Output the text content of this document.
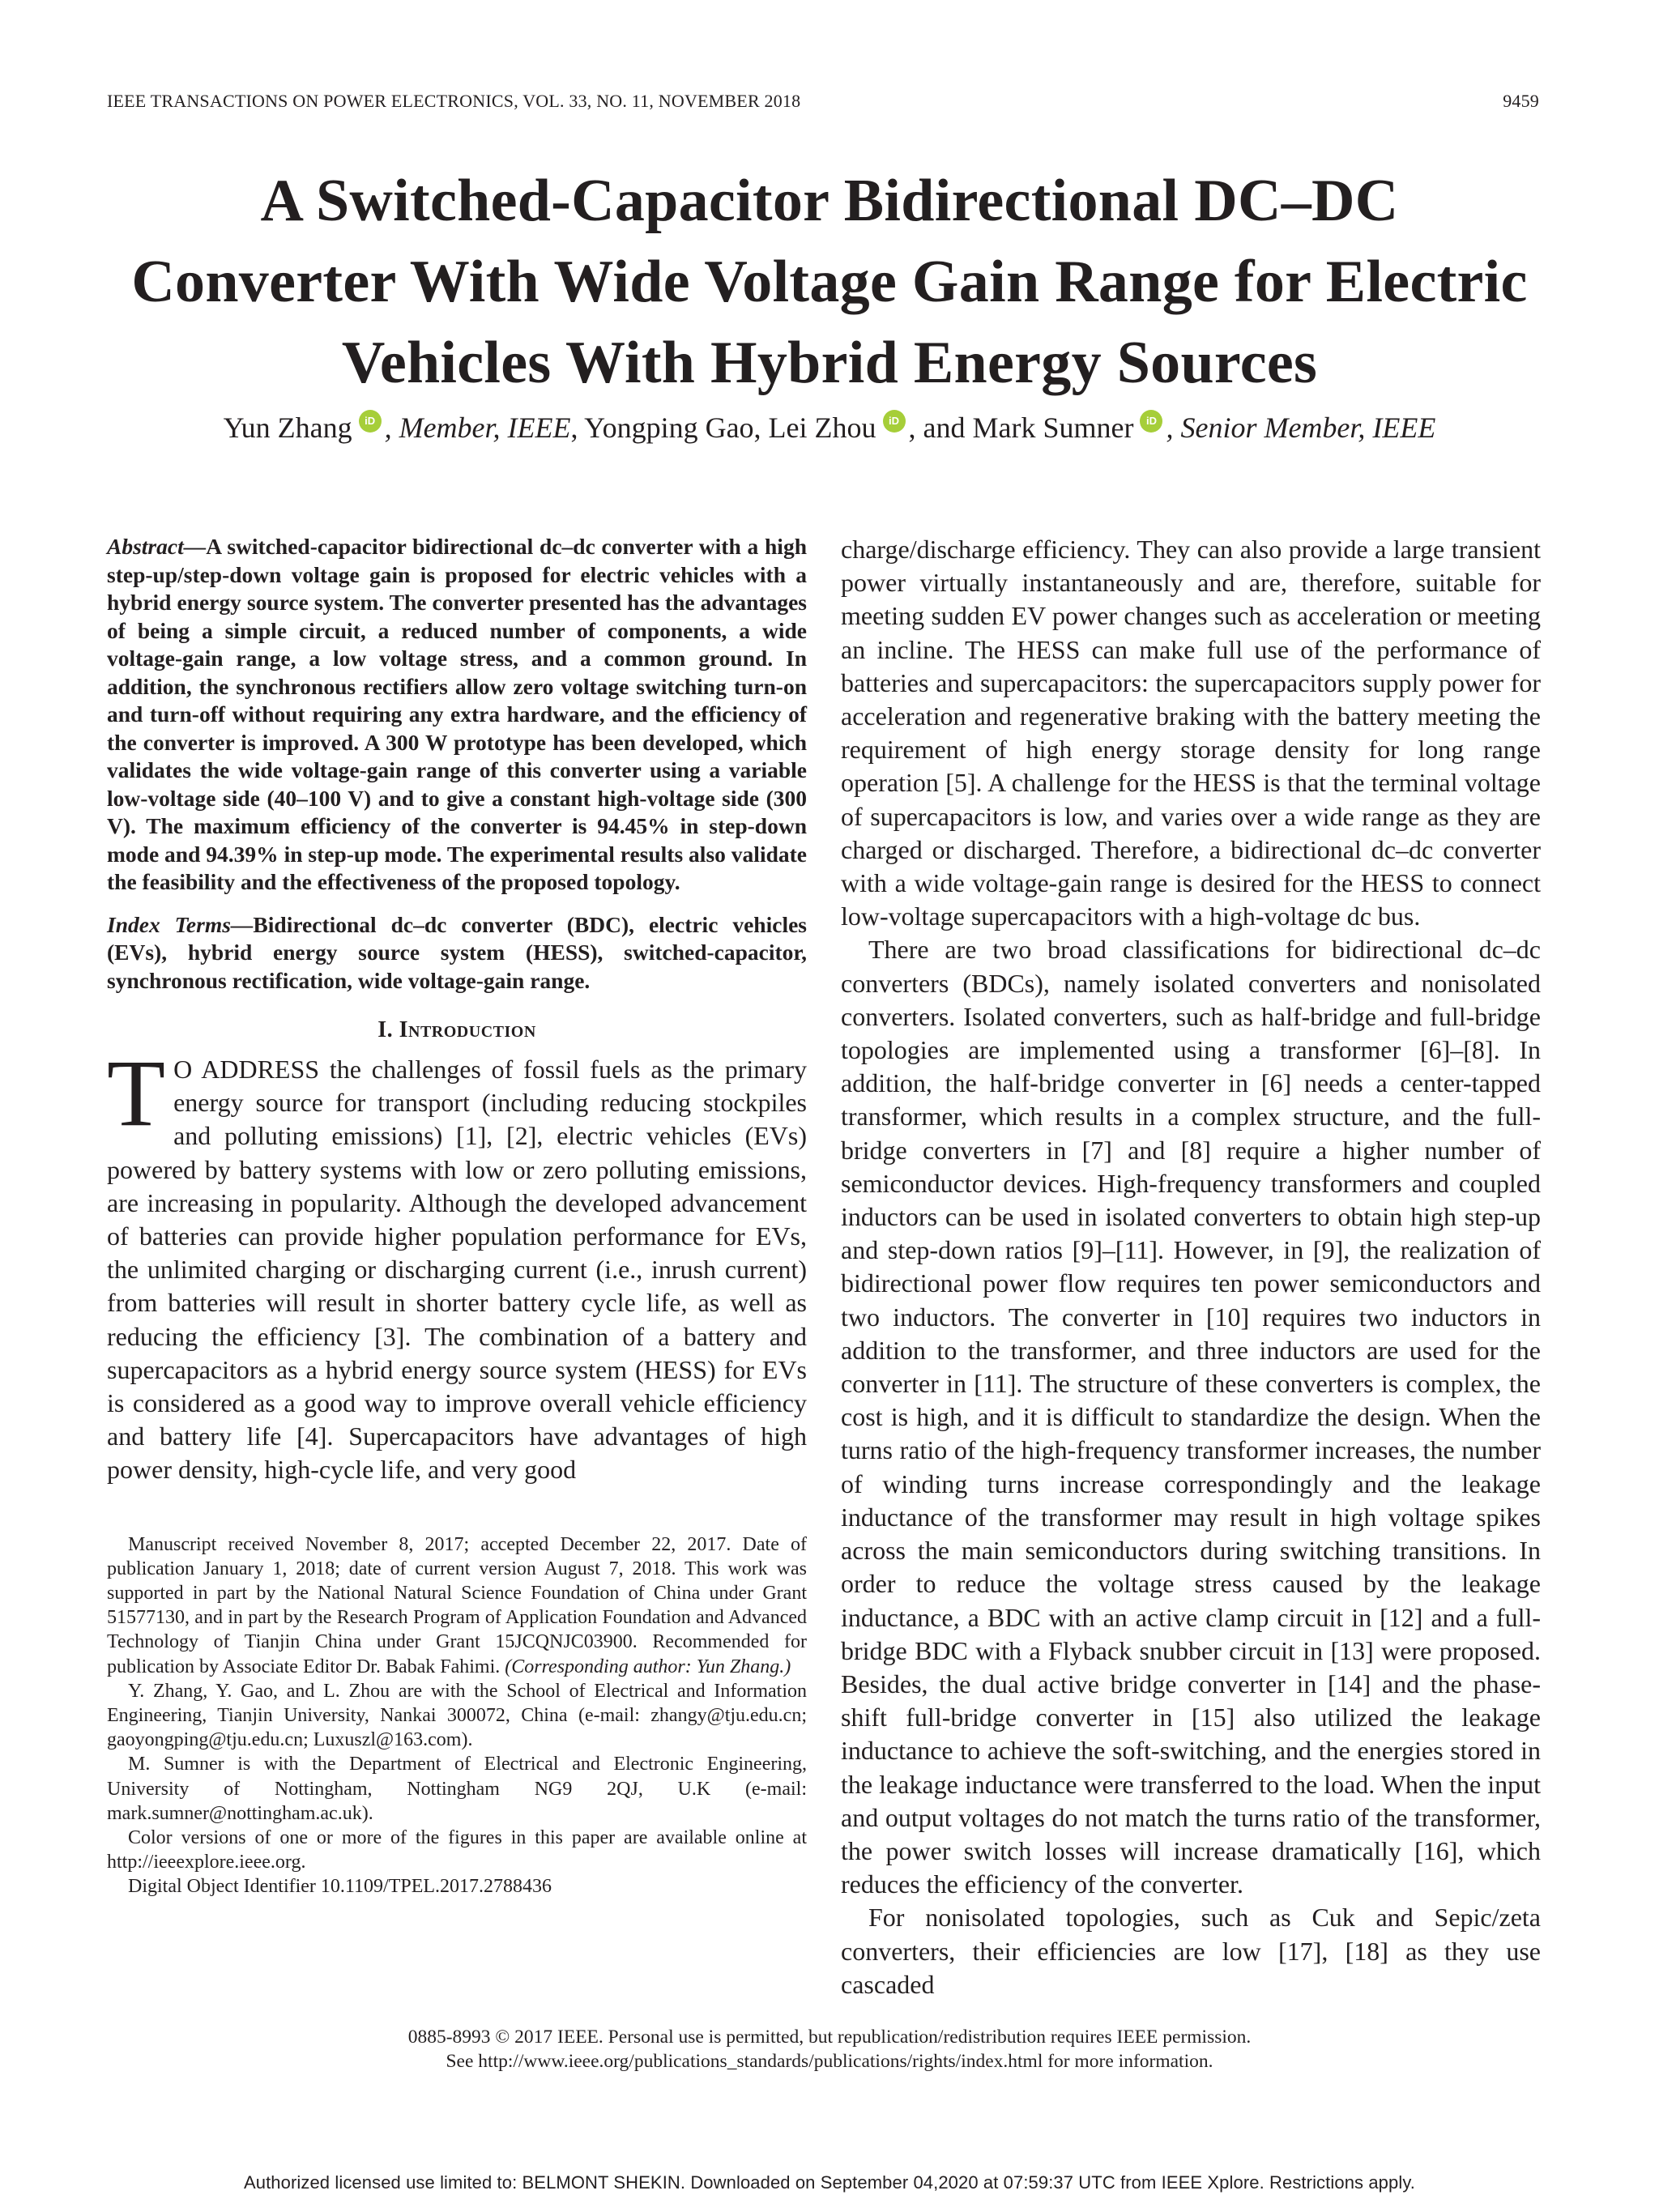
IEEE TRANSACTIONS ON POWER ELECTRONICS, VOL. 33, NO. 11, NOVEMBER 2018	9459
A Switched-Capacitor Bidirectional DC–DC
Converter With Wide Voltage Gain Range for Electric
Vehicles With Hybrid Energy Sources
Yun Zhang iD , Member, IEEE, Yongping Gao, Lei Zhou iD , and Mark Sumner iD , Senior Member, IEEE

Abstract—A switched-capacitor bidirectional dc–dc converter with a high step-up/step-down voltage gain is proposed for electric vehicles with a hybrid energy source system. The converter presented has the advantages of being a simple circuit, a reduced number of components, a wide voltage-gain range, a low voltage stress, and a common ground. In addition, the synchronous rectifiers allow zero voltage switching turn-on and turn-off without requiring any extra hardware, and the efficiency of the converter is improved. A 300 W prototype has been developed, which validates the wide voltage-gain range of this converter using a variable low-voltage side (40–100 V) and to give a constant high-voltage side (300 V). The maximum efficiency of the converter is 94.45% in step-down mode and 94.39% in step-up mode. The experimental results also validate the feasibility and the effectiveness of the proposed topology.

Index Terms—Bidirectional dc–dc converter (BDC), electric vehicles (EVs), hybrid energy source system (HESS), switched-capacitor, synchronous rectification, wide voltage-gain range.

I. Introduction
T O ADDRESS the challenges of fossil fuels as the primary energy source for transport (including reducing stockpiles and polluting emissions) [1], [2], electric vehicles (EVs) powered by battery systems with low or zero polluting emissions, are increasing in popularity. Although the developed advancement of batteries can provide higher population performance for EVs, the unlimited charging or discharging current (i.e., inrush current) from batteries will result in shorter battery cycle life, as well as reducing the efficiency [3]. The combination of a battery and supercapacitors as a hybrid energy source system (HESS) for EVs is considered as a good way to improve overall vehicle efficiency and battery life [4]. Supercapacitors have advantages of high power density, high-cycle life, and very good

Manuscript received November 8, 2017; accepted December 22, 2017. Date of publication January 1, 2018; date of current version August 7, 2018. This work was supported in part by the National Natural Science Foundation of China under Grant 51577130, and in part by the Research Program of Application Foundation and Advanced Technology of Tianjin China under Grant 15JCQNJC03900. Recommended for publication by Associate Editor Dr. Babak Fahimi. (Corresponding author: Yun Zhang.)

Y. Zhang, Y. Gao, and L. Zhou are with the School of Electrical and Information Engineering, Tianjin University, Nankai 300072, China (e-mail: zhangy@tju.edu.cn; gaoyongping@tju.edu.cn; Luxuszl@163.com).

M. Sumner is with the Department of Electrical and Electronic Engineering, University of Nottingham, Nottingham NG9 2QJ, U.K (e-mail: mark.sumner@nottingham.ac.uk).

Color versions of one or more of the figures in this paper are available online at http://ieeexplore.ieee.org.

Digital Object Identifier 10.1109/TPEL.2017.2788436

charge/discharge efficiency. They can also provide a large transient power virtually instantaneously and are, therefore, suitable for meeting sudden EV power changes such as acceleration or meeting an incline. The HESS can make full use of the performance of batteries and supercapacitors: the supercapacitors supply power for acceleration and regenerative braking with the battery meeting the requirement of high energy storage density for long range operation [5]. A challenge for the HESS is that the terminal voltage of supercapacitors is low, and varies over a wide range as they are charged or discharged. Therefore, a bidirectional dc–dc converter with a wide voltage-gain range is desired for the HESS to connect low-voltage supercapacitors with a high-voltage dc bus.

There are two broad classifications for bidirectional dc–dc converters (BDCs), namely isolated converters and nonisolated converters. Isolated converters, such as half-bridge and full-bridge topologies are implemented using a transformer [6]–[8]. In addition, the half-bridge converter in [6] needs a center-tapped transformer, which results in a complex structure, and the full-bridge converters in [7] and [8] require a higher number of semiconductor devices. High-frequency transformers and coupled inductors can be used in isolated converters to obtain high step-up and step-down ratios [9]–[11]. However, in [9], the realization of bidirectional power flow requires ten power semiconductors and two inductors. The converter in [10] requires two inductors in addition to the transformer, and three inductors are used for the converter in [11]. The structure of these converters is complex, the cost is high, and it is difficult to standardize the design. When the turns ratio of the high-frequency transformer increases, the number of winding turns increase correspondingly and the leakage inductance of the transformer may result in high voltage spikes across the main semiconductors during switching transitions. In order to reduce the voltage stress caused by the leakage inductance, a BDC with an active clamp circuit in [12] and a full-bridge BDC with a Flyback snubber circuit in [13] were proposed. Besides, the dual active bridge converter in [14] and the phase-shift full-bridge converter in [15] also utilized the leakage inductance to achieve the soft-switching, and the energies stored in the leakage inductance were transferred to the load. When the input and output voltages do not match the turns ratio of the transformer, the power switch losses will increase dramatically [16], which reduces the efficiency of the converter.

For nonisolated topologies, such as Cuk and Sepic/zeta converters, their efficiencies are low [17], [18] as they use cascaded

0885-8993 © 2017 IEEE. Personal use is permitted, but republication/redistribution requires IEEE permission.
See http://www.ieee.org/publications_standards/publications/rights/index.html for more information.
Authorized licensed use limited to: BELMONT SHEKIN. Downloaded on September 04,2020 at 07:59:37 UTC from IEEE Xplore. Restrictions apply.
